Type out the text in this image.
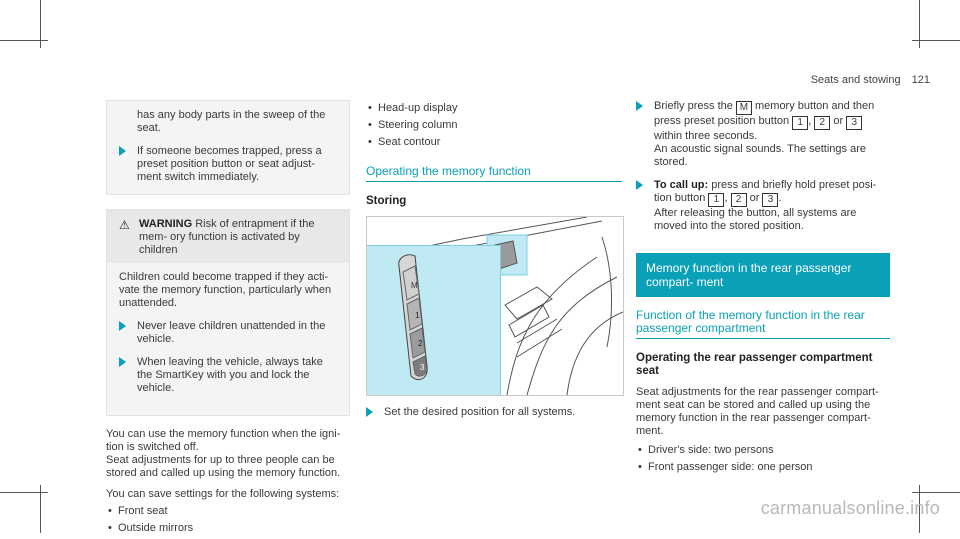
Seats and stowing 121

has any body parts in the sweep of the seat.

If someone becomes trapped, press a preset position button or seat adjust- ment switch immediately.

⚠ WARNING Risk of entrapment if the mem- ory function is activated by children

Children could become trapped if they acti- vate the memory function, particularly when unattended.

Never leave children unattended in the vehicle.

When leaving the vehicle, always take the SmartKey with you and lock the vehicle.

You can use the memory function when the igni- tion is switched off.

Seat adjustments for up to three people can be stored and called up using the memory function.

You can save settings for the following systems:

• Front seat
• Outside mirrors
• Head-up display
• Steering column
• Seat contour
Operating the memory function
Storing
M
1
2
3

Set the desired position for all systems.

Briefly press the M memory button and then press preset position button 1 , 2 or 3 within three seconds.
An acoustic signal sounds. The settings are stored.

To call up: press and briefly hold preset posi- tion button 1 , 2 or 3 .
After releasing the button, all systems are moved into the stored position.

Memory function in the rear passenger compart- ment
Function of the memory function in the rear passenger compartment
Operating the rear passenger compartment seat

Seat adjustments for the rear passenger compart- ment seat can be stored and called up using the memory function in the rear passenger compart- ment.

• Driver's side: two persons
• Front passenger side: one person
carmanualsonline.info
